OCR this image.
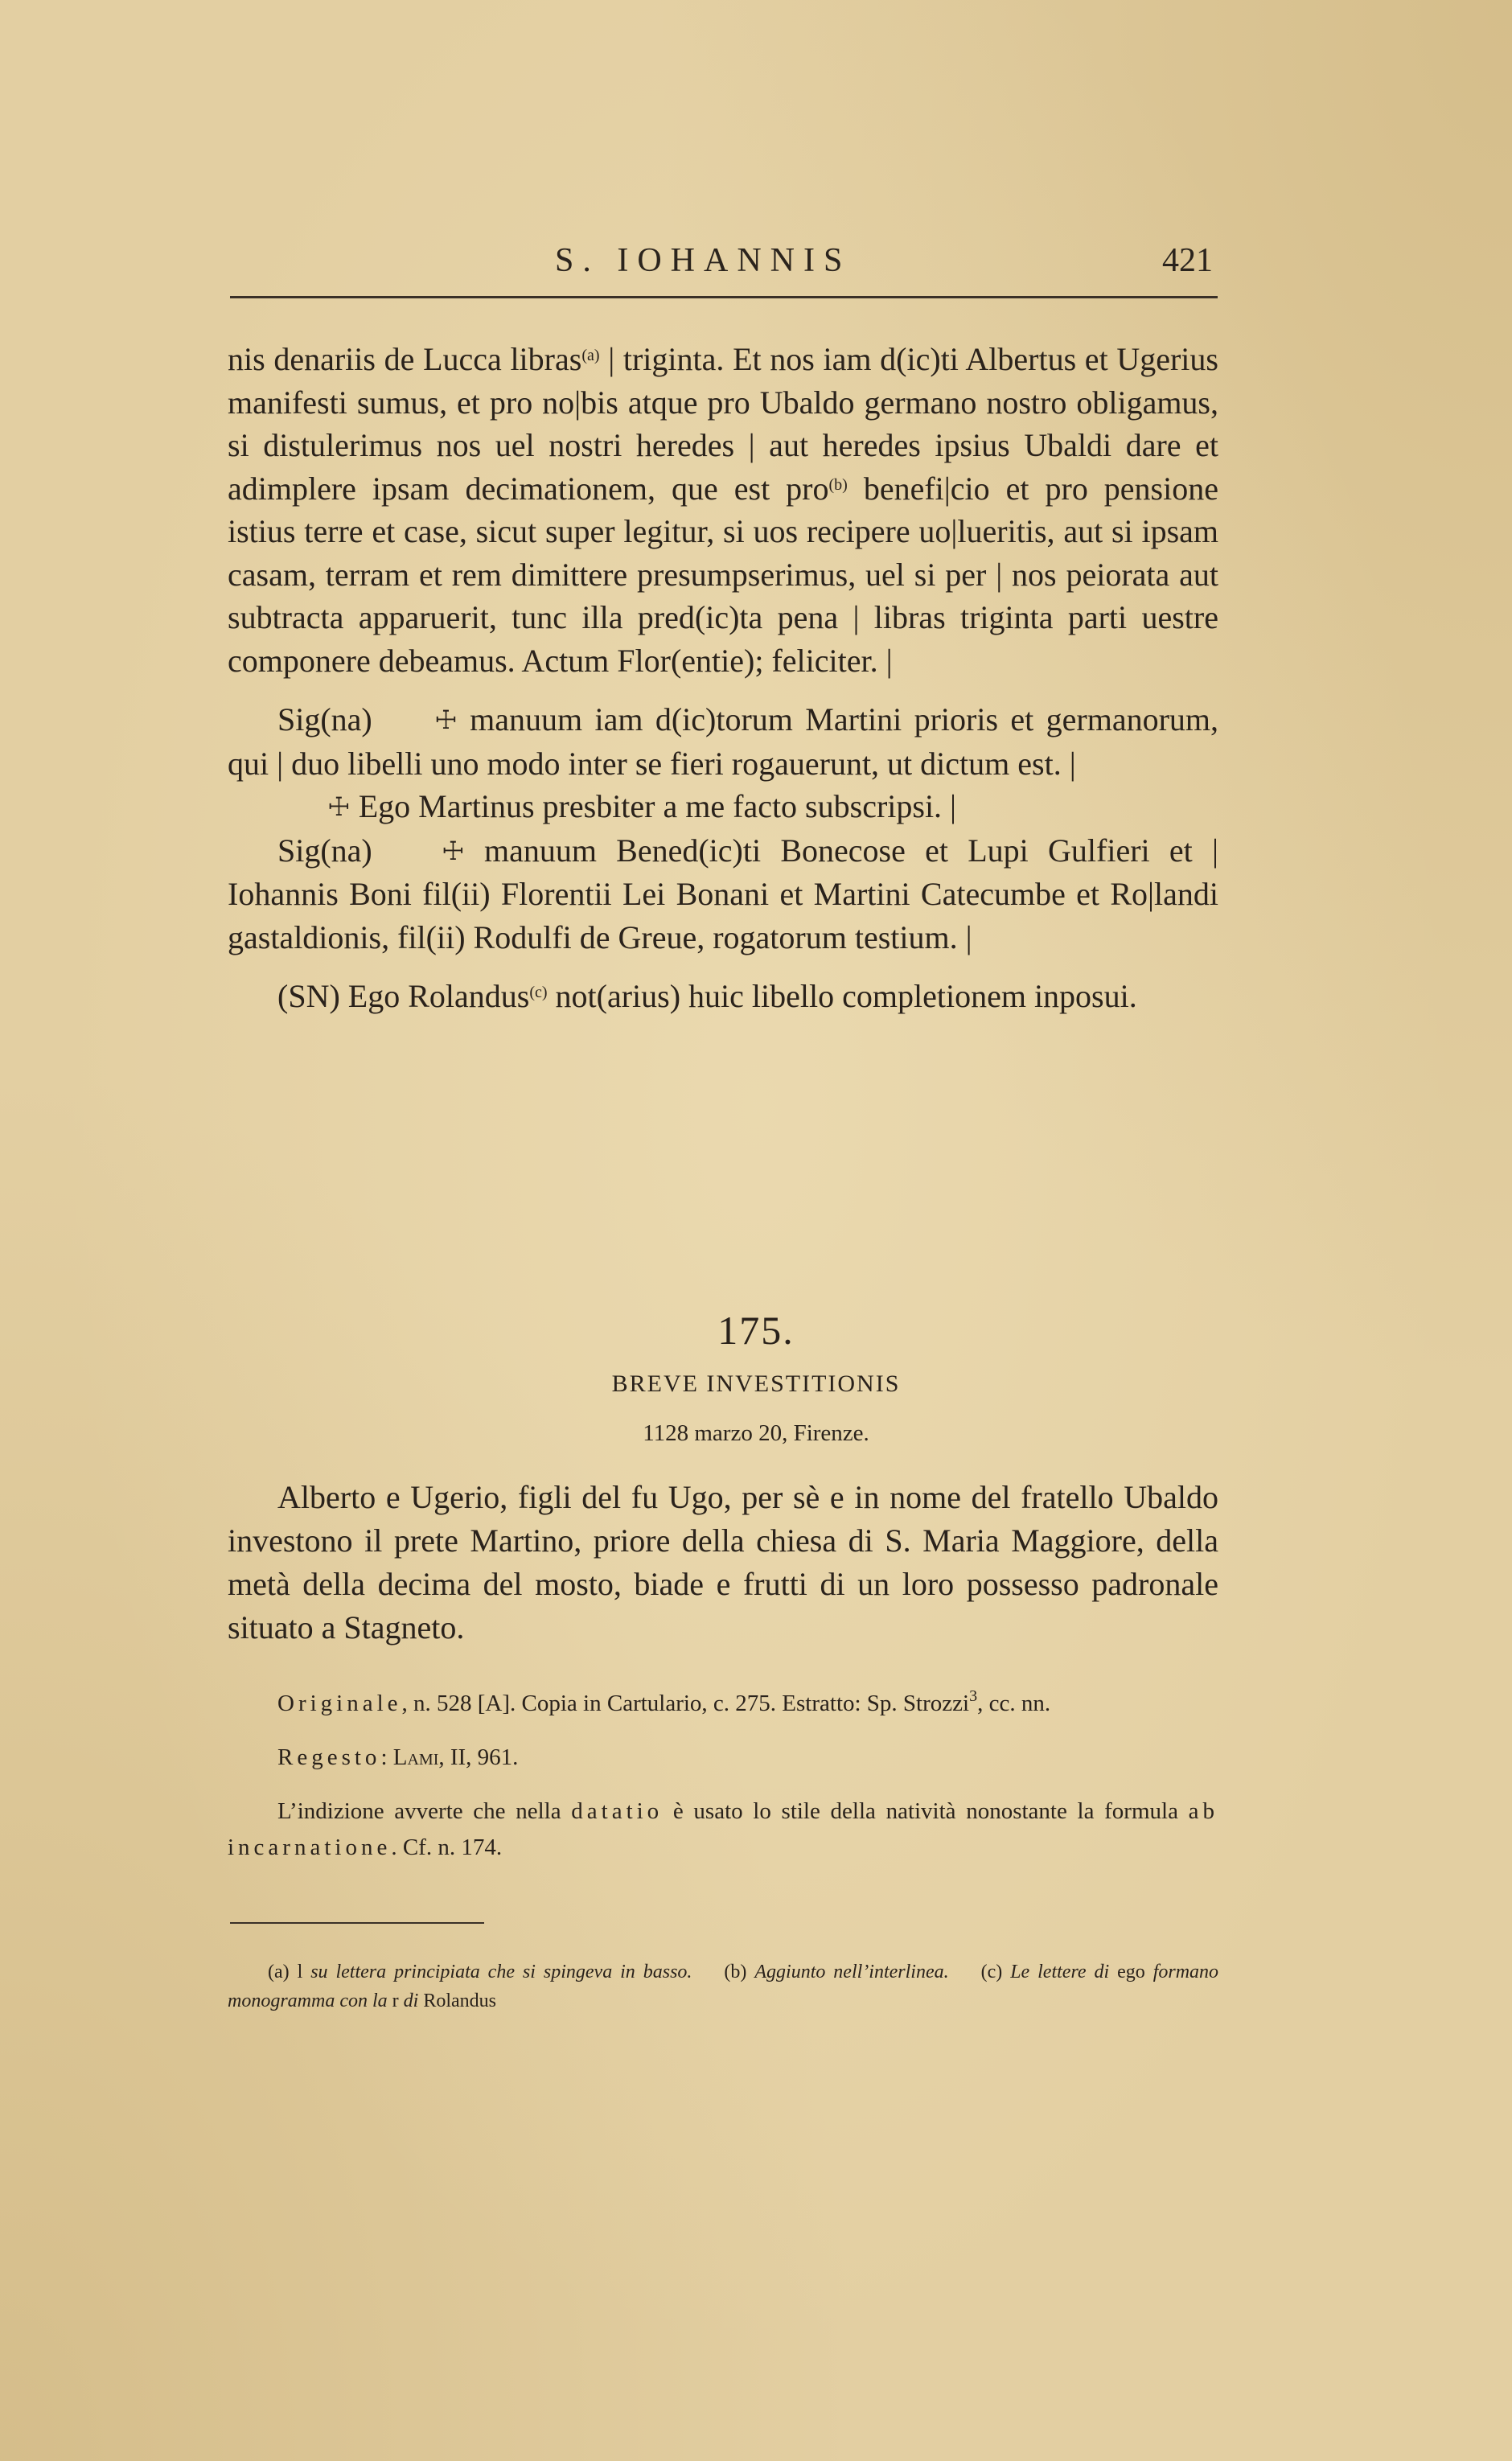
S. IOHANNIS	421

nis denariis de Lucca libras$^{(a)}$ | triginta. Et nos iam d(ic)ti Albertus et Ugerius manifesti sumus, et pro no|bis atque pro Ubaldo germano nostro obligamus, si distulerimus nos uel nostri heredes | aut heredes ipsius Ubaldi dare et adimplere ipsam decimationem, que est pro$^{(b)}$ benefi|cio et pro pensione istius terre et case, sicut super legitur, si uos recipere uo|lueritis, aut si ipsam casam, terram et rem dimittere presumpserimus, uel si per | nos peiorata aut subtracta apparuerit, tunc illa pred(ic)ta pena | libras triginta parti uestre componere debeamus. Actum Flor(entie); feliciter. |

Sig(na) ☩ manuum iam d(ic)torum Martini prioris et germanorum, qui | duo libelli uno modo inter se fieri rogauerunt, ut dictum est. |

☩ Ego Martinus presbiter a me facto subscripsi. |

Sig(na)	☩ manuum Bened(ic)ti Bonecose et Lupi Gulfieri et | Iohannis Boni fil(ii) Florentii Lei Bonani et Martini Catecumbe et Ro|landi gastaldionis, fil(ii) Rodulfi de Greue, rogatorum testium. |

(SN) Ego Rolandus$^{(c)}$ not(arius) huic libello completionem inposui.

175.
BREVE INVESTITIONIS
1128 marzo 20, Firenze.

Alberto e Ugerio, figli del fu Ugo, per sè e in nome del fratello Ubaldo investono il prete Martino, priore della chiesa di S. Maria Maggiore, della metà della decima del mosto, biade e frutti di un loro possesso padronale situato a Stagneto.

Originale, n. 528 [A]. Copia in Cartulario, c. 275. Estratto: Sp. Strozzi$^3$, cc. nn.

Regesto: Lami, II, 961.

L’indizione avverte che nella datatio è usato lo stile della natività nonostante la formula ab incarnatione. Cf. n. 174.

(a) l su lettera principiata che si spingeva in basso. (b) Aggiunto nell’interlinea. (c) Le lettere di ego formano monogramma con la r di Rolandus
